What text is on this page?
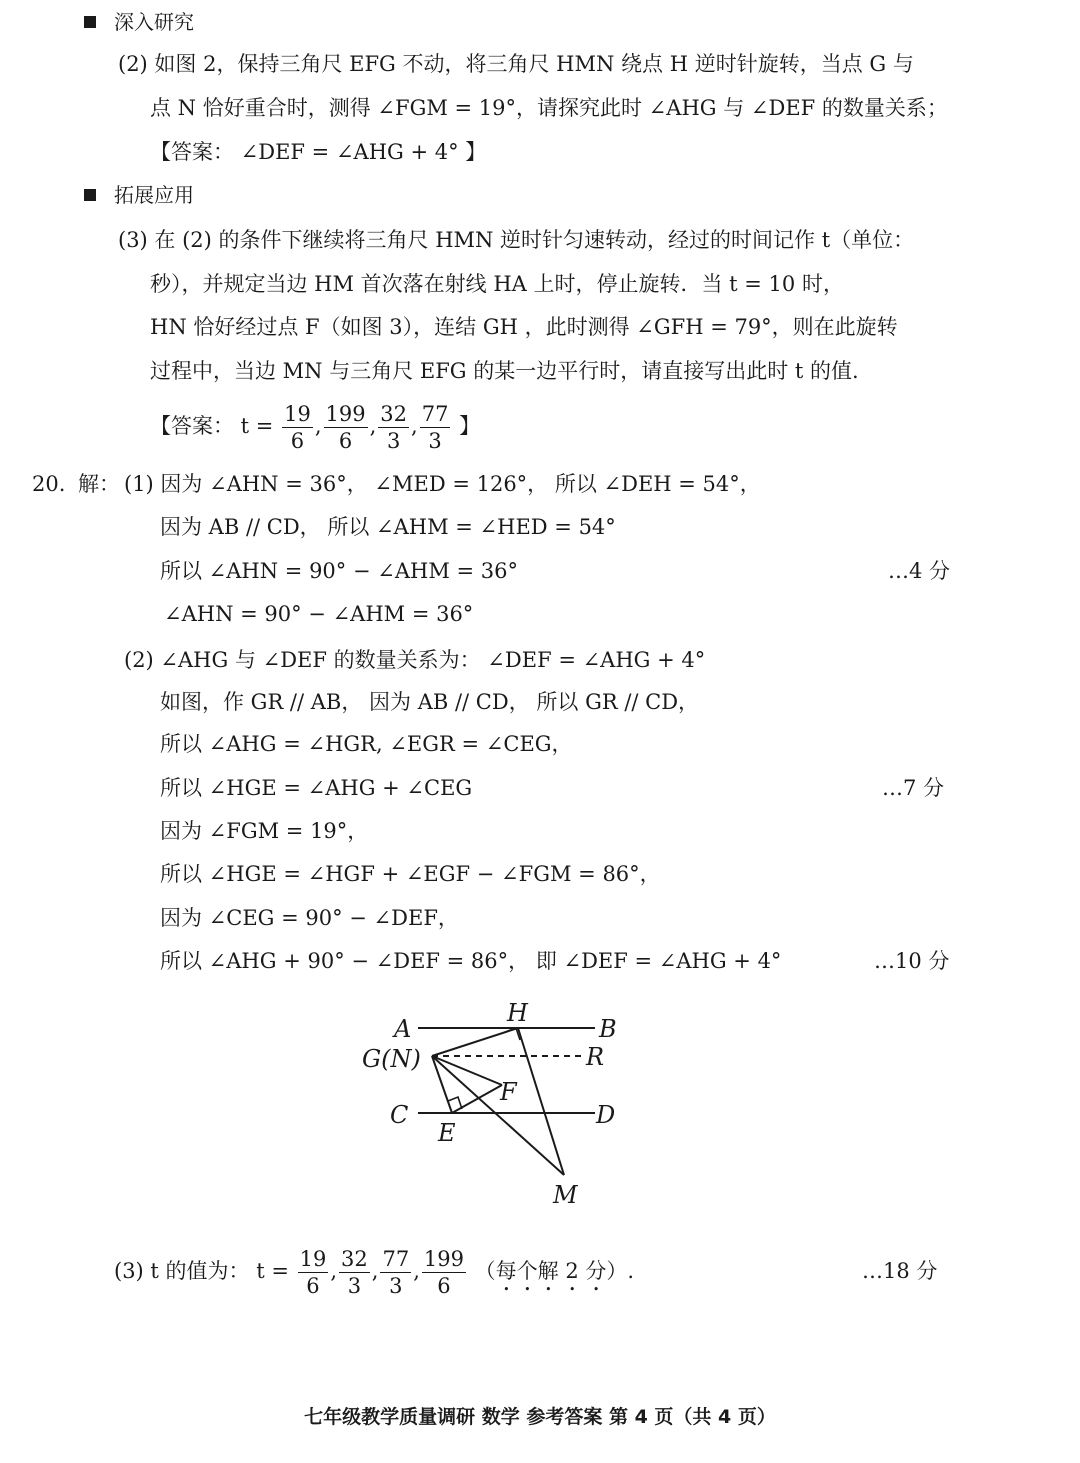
深入研究
(2) 如图 2，保持三角尺 EFG 不动，将三角尺 HMN 绕点 H 逆时针旋转，当点 G 与
点 N 恰好重合时，测得 ∠FGM = 19°，请探究此时 ∠AHG 与 ∠DEF 的数量关系；
【答案： ∠DEF = ∠AHG + 4° 】
拓展应用
(3) 在 (2) 的条件下继续将三角尺 HMN 逆时针匀速转动，经过的时间记作 t（单位：
秒），并规定当边 HM 首次落在射线 HA 上时，停止旋转．当 t = 10 时，
HN 恰好经过点 F（如图 3），连结 GH ，此时测得 ∠GFH = 79°，则在此旋转
过程中，当边 MN 与三角尺 EFG 的某一边平行时，请直接写出此时 t 的值.
【答案： $t = \frac{19}{6}$ , $\frac{199}{6}$ , $\frac{32}{3}$ , $\frac{77}{3}$ 】
20. 解： (1) 因为 ∠AHN = 36°， ∠MED = 126°， 所以 ∠DEH = 54°，
因为 AB // CD， 所以 ∠AHM = ∠HED = 54°
所以 ∠AHN = 90° − ∠AHM = 36°	…4 分
∠AHN = 90° − ∠AHM = 36°
(2) ∠AHG 与 ∠DEF 的数量关系为： ∠DEF = ∠AHG + 4°
如图，作 GR // AB， 因为 AB // CD， 所以 GR // CD，
所以 ∠AHG = ∠HGR, ∠EGR = ∠CEG，
所以 ∠HGE = ∠AHG + ∠CEG	…7 分
因为 ∠FGM = 19°，
所以 ∠HGE = ∠HGF + ∠EGF − ∠FGM = 86°，
因为 ∠CEG = 90° − ∠DEF，
所以 ∠AHG + 90° − ∠DEF = 86°， 即 ∠DEF = ∠AHG + 4°	…10 分
A
H
B
G(N)	R
F
C	D
E
M
(3) t 的值为： $t = \frac{19}{6}$ , $\frac{32}{3}$ , $\frac{77}{3}$ , $\frac{199}{6}$ （每个解 2 分）.	…18 分
七年级教学质量调研 数学 参考答案 第 4 页（共 4 页）
